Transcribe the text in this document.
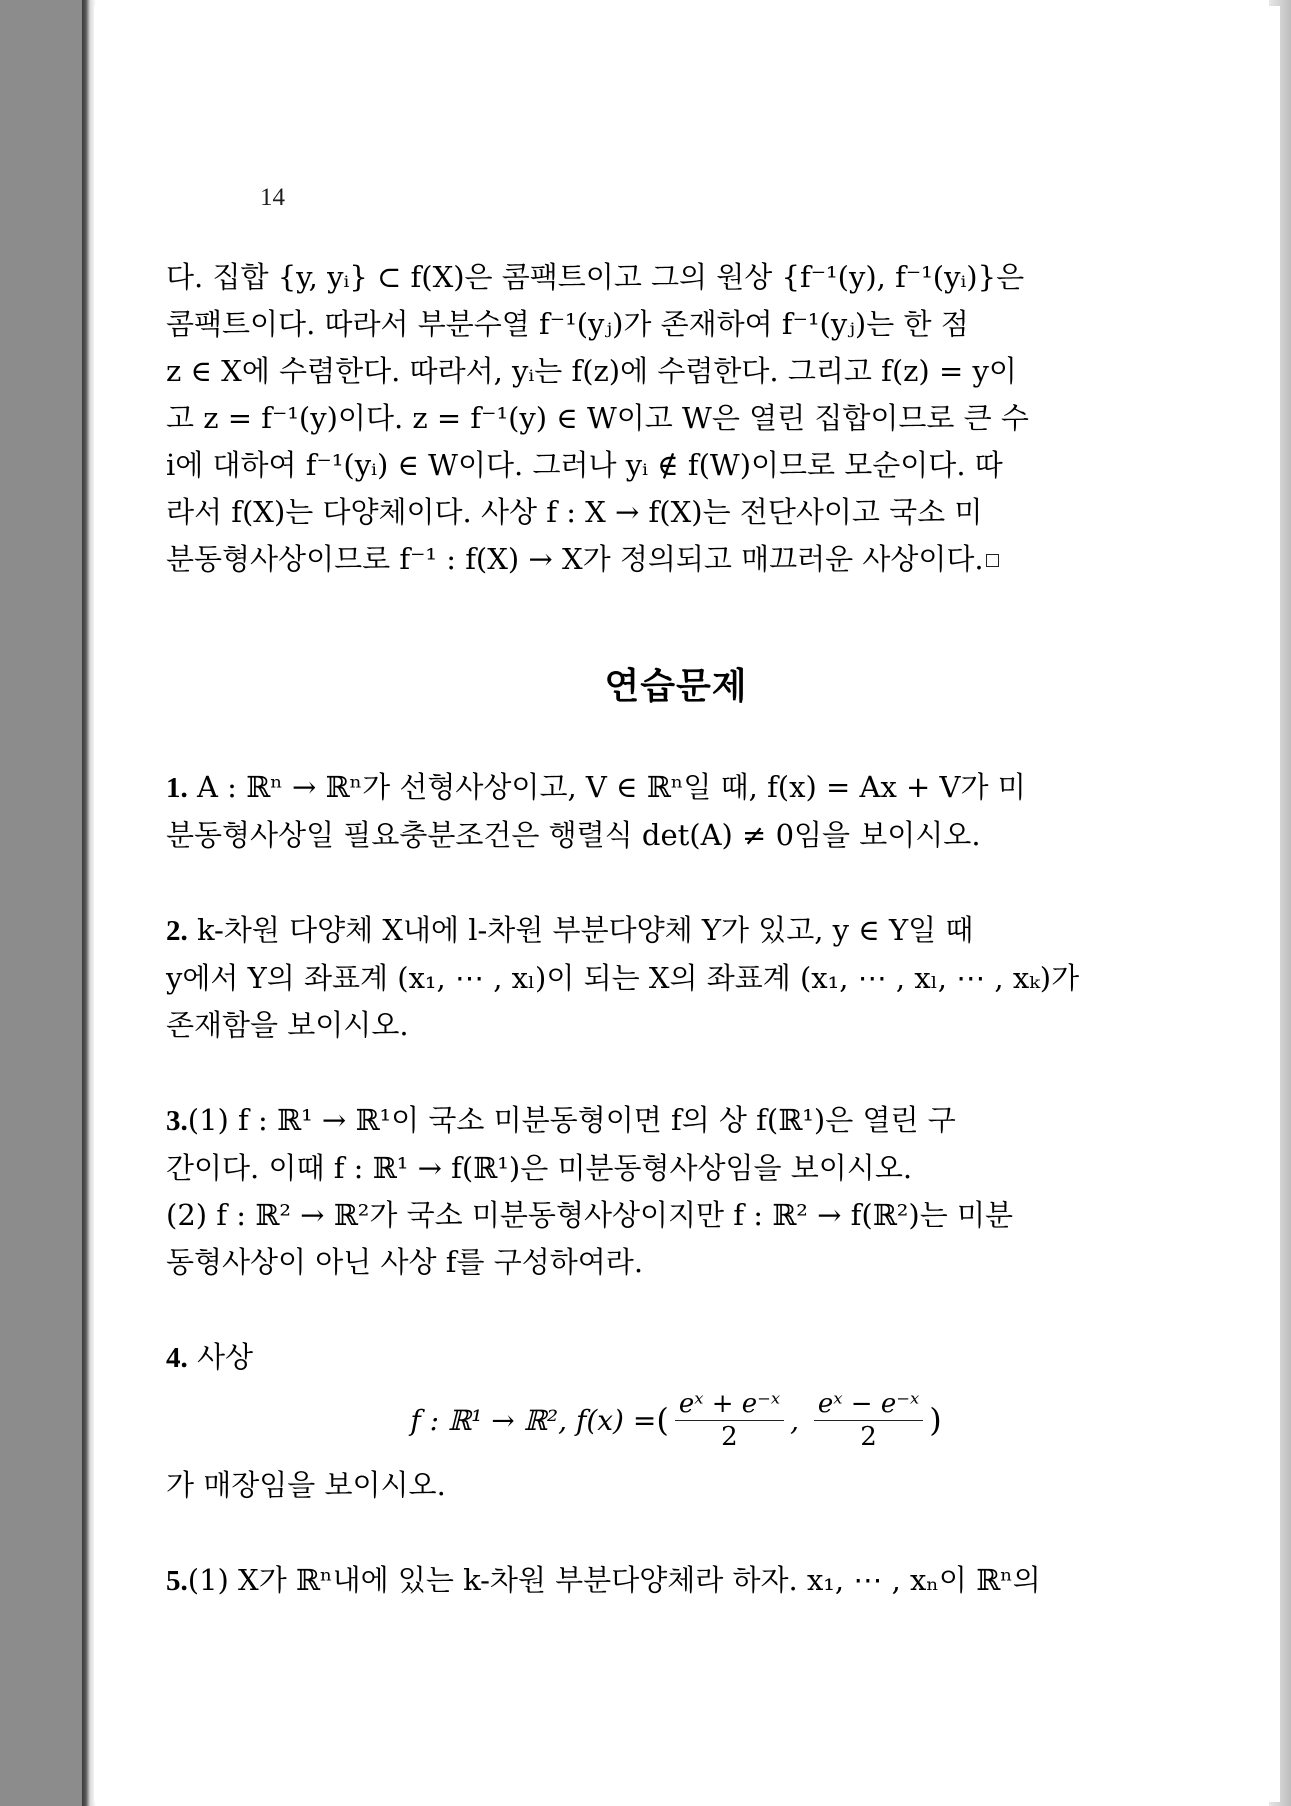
14

다. 집합 {y, yᵢ} ⊂ f(X)은 콤팩트이고 그의 원상 {f⁻¹(y), f⁻¹(yᵢ)}은

콤팩트이다. 따라서 부분수열 f⁻¹(yⱼ)가 존재하여 f⁻¹(yⱼ)는 한 점

z ∈ X에 수렴한다. 따라서, yᵢ는 f(z)에 수렴한다. 그리고 f(z) = y이

고 z = f⁻¹(y)이다. z = f⁻¹(y) ∈ W이고 W은 열린 집합이므로 큰 수

i에 대하여 f⁻¹(yᵢ) ∈ W이다. 그러나 yᵢ ∉ f(W)이므로 모순이다. 따

라서 f(X)는 다양체이다. 사상 f : X → f(X)는 전단사이고 국소 미

분동형사상이므로 f⁻¹ : f(X) → X가 정의되고 매끄러운 사상이다.

연습문제

1. A : ℝⁿ → ℝⁿ가 선형사상이고, V ∈ ℝⁿ일 때, f(x) = Ax + V가 미

분동형사상일 필요충분조건은 행렬식 det(A) ≠ 0임을 보이시오.

2. k-차원 다양체 X내에 l-차원 부분다양체 Y가 있고, y ∈ Y일 때

y에서 Y의 좌표계 (x₁, ⋯ , xₗ)이 되는 X의 좌표계 (x₁, ⋯ , xₗ, ⋯ , xₖ)가

존재함을 보이시오.

3.(1) f : ℝ¹ → ℝ¹이 국소 미분동형이면 f의 상 f(ℝ¹)은 열린 구

간이다. 이때 f : ℝ¹ → f(ℝ¹)은 미분동형사상임을 보이시오.

(2) f : ℝ² → ℝ²가 국소 미분동형사상이지만 f : ℝ² → f(ℝ²)는 미분

동형사상이 아닌 사상 f를 구성하여라.

4. 사상

f : ℝ¹ → ℝ², f(x) = ( $\frac{\text{eˣ + e⁻ˣ}}{2}$ , $\frac{\text{eˣ − e⁻ˣ}}{2}$ )

가 매장임을 보이시오.

5.(1) X가 ℝⁿ내에 있는 k-차원 부분다양체라 하자. x₁, ⋯ , xₙ이 ℝⁿ의
